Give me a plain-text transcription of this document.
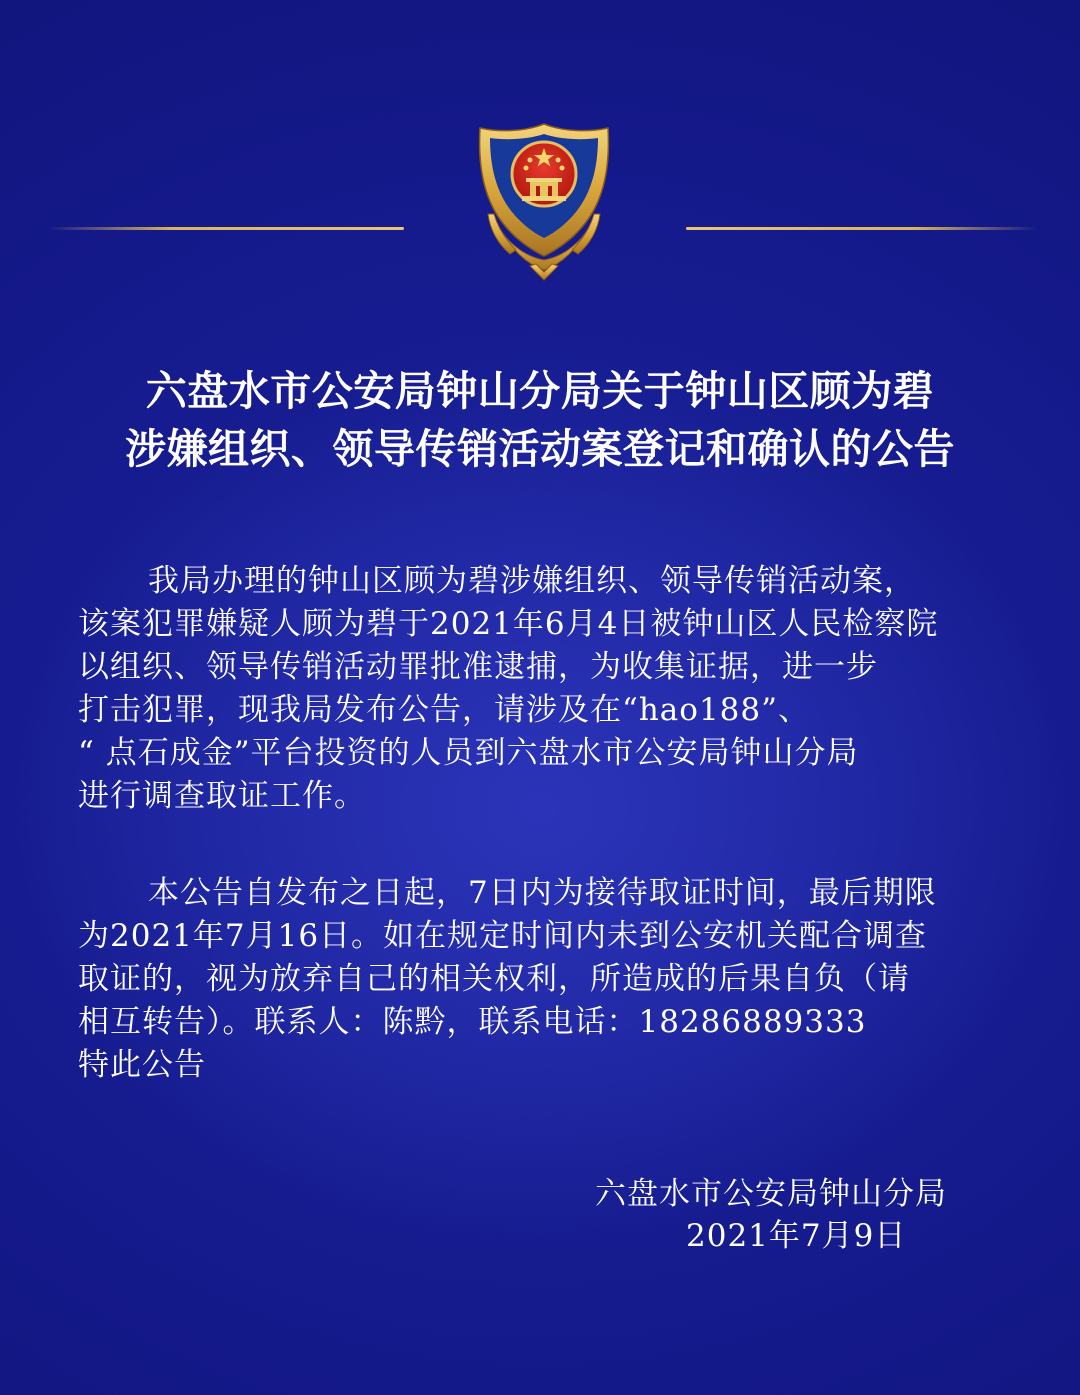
六盘水市公安局钟山分局关于钟山区顾为碧
涉嫌组织、领导传销活动案登记和确认的公告
我局办理的钟山区顾为碧涉嫌组织、领导传销活动案，
该案犯罪嫌疑人顾为碧于2021年6月4日被钟山区人民检察院
以组织、领导传销活动罪批准逮捕，为收集证据，进一步
打击犯罪，现我局发布公告，请涉及在“hao188”、
“ 点石成金”平台投资的人员到六盘水市公安局钟山分局
进行调查取证工作。
本公告自发布之日起，7日内为接待取证时间，最后期限
为2021年7月16日。如在规定时间内未到公安机关配合调查
取证的，视为放弃自己的相关权利，所造成的后果自负（请
相互转告）。联系人：陈黔，联系电话：18286889333
特此公告
六盘水市公安局钟山分局
2021年7月9日
